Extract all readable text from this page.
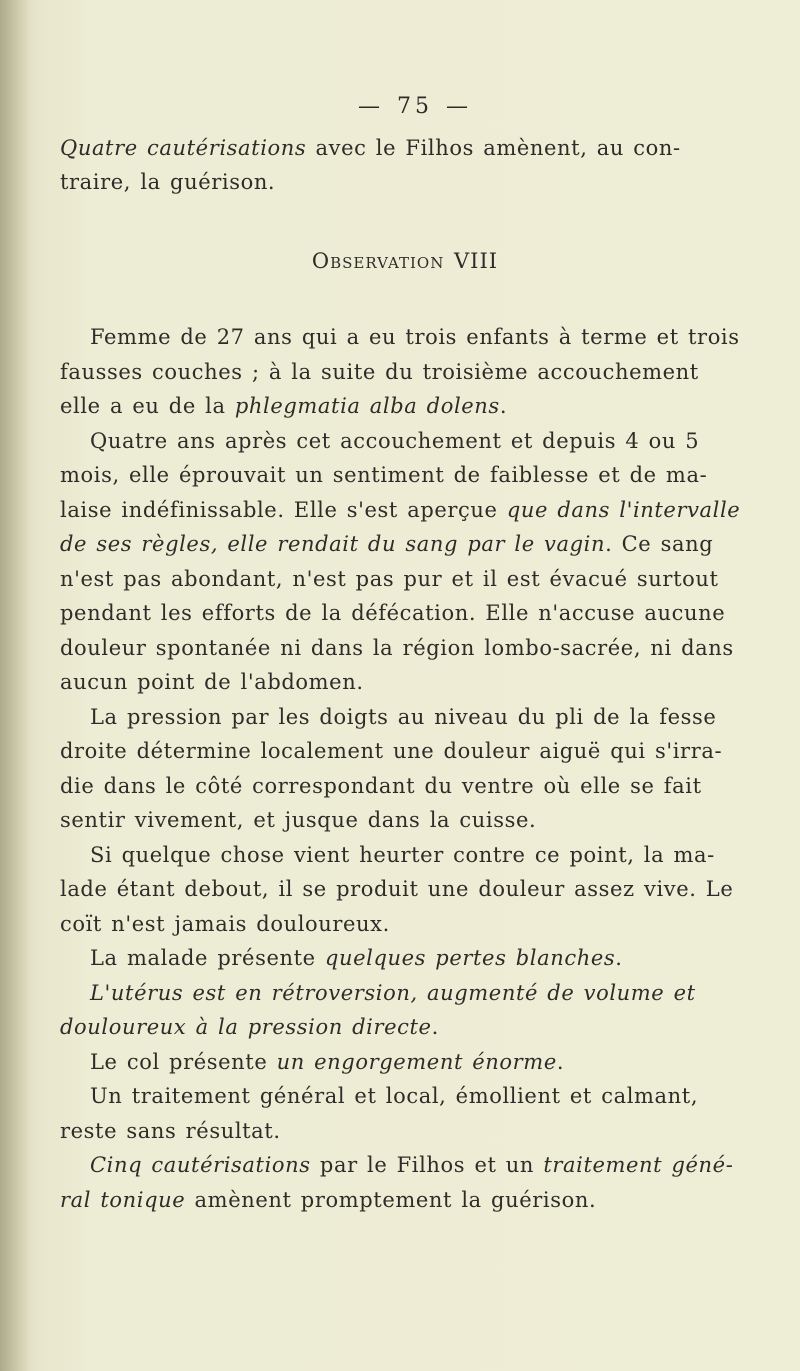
— 75 —
Quatre cautérisations avec le Filhos amènent, au con-
traire, la guérison.
Observation VIII
Femme de 27 ans qui a eu trois enfants à terme et trois
fausses couches ; à la suite du troisième accouchement
elle a eu de la phlegmatia alba dolens.
Quatre ans après cet accouchement et depuis 4 ou 5
mois, elle éprouvait un sentiment de faiblesse et de ma-
laise indéfinissable. Elle s'est aperçue que dans l'intervalle
de ses règles, elle rendait du sang par le vagin. Ce sang
n'est pas abondant, n'est pas pur et il est évacué surtout
pendant les efforts de la défécation. Elle n'accuse aucune
douleur spontanée ni dans la région lombo-sacrée, ni dans
aucun point de l'abdomen.
La pression par les doigts au niveau du pli de la fesse
droite détermine localement une douleur aiguë qui s'irra-
die dans le côté correspondant du ventre où elle se fait
sentir vivement, et jusque dans la cuisse.
Si quelque chose vient heurter contre ce point, la ma-
lade étant debout, il se produit une douleur assez vive. Le
coït n'est jamais douloureux.
La malade présente quelques pertes blanches.
L'utérus est en rétroversion, augmenté de volume et
douloureux à la pression directe.
Le col présente un engorgement énorme.
Un traitement général et local, émollient et calmant,
reste sans résultat.
Cinq cautérisations par le Filhos et un traitement géné-
ral tonique amènent promptement la guérison.
